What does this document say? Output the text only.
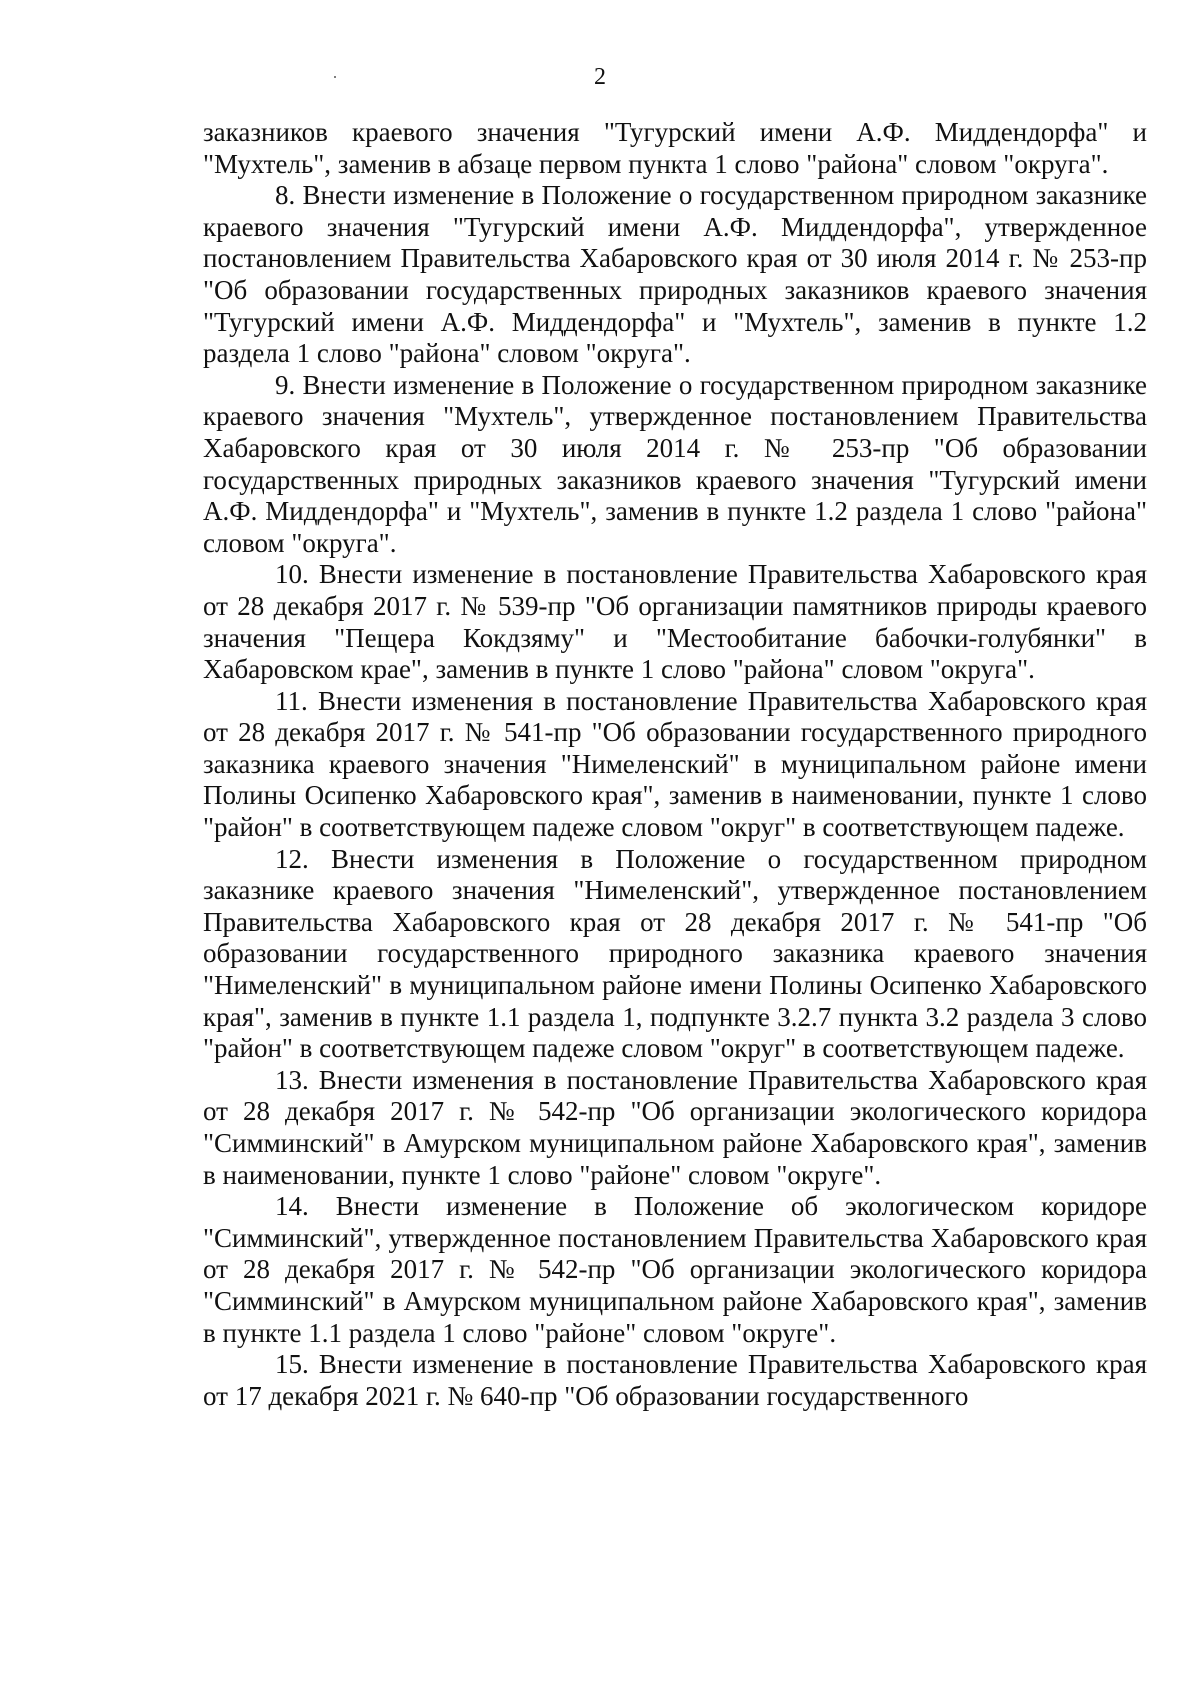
2

заказников краевого значения "Тугурский имени А.Ф. Миддендорфа" и "Мухтель", заменив в абзаце первом пункта 1 слово "района" словом "округа".

8. Внести изменение в Положение о государственном природном заказнике краевого значения "Тугурский имени А.Ф. Миддендорфа", утвержденное постановлением Правительства Хабаровского края от 30 июля 2014 г. № 253-пр "Об образовании государственных природных заказников краевого значения "Тугурский имени А.Ф. Миддендорфа" и "Мухтель", заменив в пункте 1.2 раздела 1 слово "района" словом "округа".

9. Внести изменение в Положение о государственном природном заказнике краевого значения "Мухтель", утвержденное постановлением Правительства Хабаровского края от 30 июля 2014 г. № 253-пр "Об образовании государственных природных заказников краевого значения "Тугурский имени А.Ф. Миддендорфа" и "Мухтель", заменив в пункте 1.2 раздела 1 слово "района" словом "округа".

10. Внести изменение в постановление Правительства Хабаровского края от 28 декабря 2017 г. № 539-пр "Об организации памятников природы краевого значения "Пещера Кокдзяму" и "Местообитание бабочки-голубянки" в Хабаровском крае", заменив в пункте 1 слово "района" словом "округа".

11. Внести изменения в постановление Правительства Хабаровского края от 28 декабря 2017 г. № 541-пр "Об образовании государственного природного заказника краевого значения "Нимеленский" в муниципальном районе имени Полины Осипенко Хабаровского края", заменив в наименовании, пункте 1 слово "район" в соответствующем падеже словом "округ" в соответствующем падеже.

12. Внести изменения в Положение о государственном природном заказнике краевого значения "Нимеленский", утвержденное постановлением Правительства Хабаровского края от 28 декабря 2017 г. № 541-пр "Об образовании государственного природного заказника краевого значения "Нимеленский" в муниципальном районе имени Полины Осипенко Хабаровского края", заменив в пункте 1.1 раздела 1, подпункте 3.2.7 пункта 3.2 раздела 3 слово "район" в соответствующем падеже словом "округ" в соответствующем падеже.

13. Внести изменения в постановление Правительства Хабаровского края от 28 декабря 2017 г. № 542-пр "Об организации экологического коридора "Симминский" в Амурском муниципальном районе Хабаровского края", заменив в наименовании, пункте 1 слово "районе" словом "округе".

14. Внести изменение в Положение об экологическом коридоре "Симминский", утвержденное постановлением Правительства Хабаровского края от 28 декабря 2017 г. № 542-пр "Об организации экологического коридора "Симминский" в Амурском муниципальном районе Хабаровского края", заменив в пункте 1.1 раздела 1 слово "районе" словом "округе".

15. Внести изменение в постановление Правительства Хабаровского края от 17 декабря 2021 г. № 640-пр "Об образовании государственного
